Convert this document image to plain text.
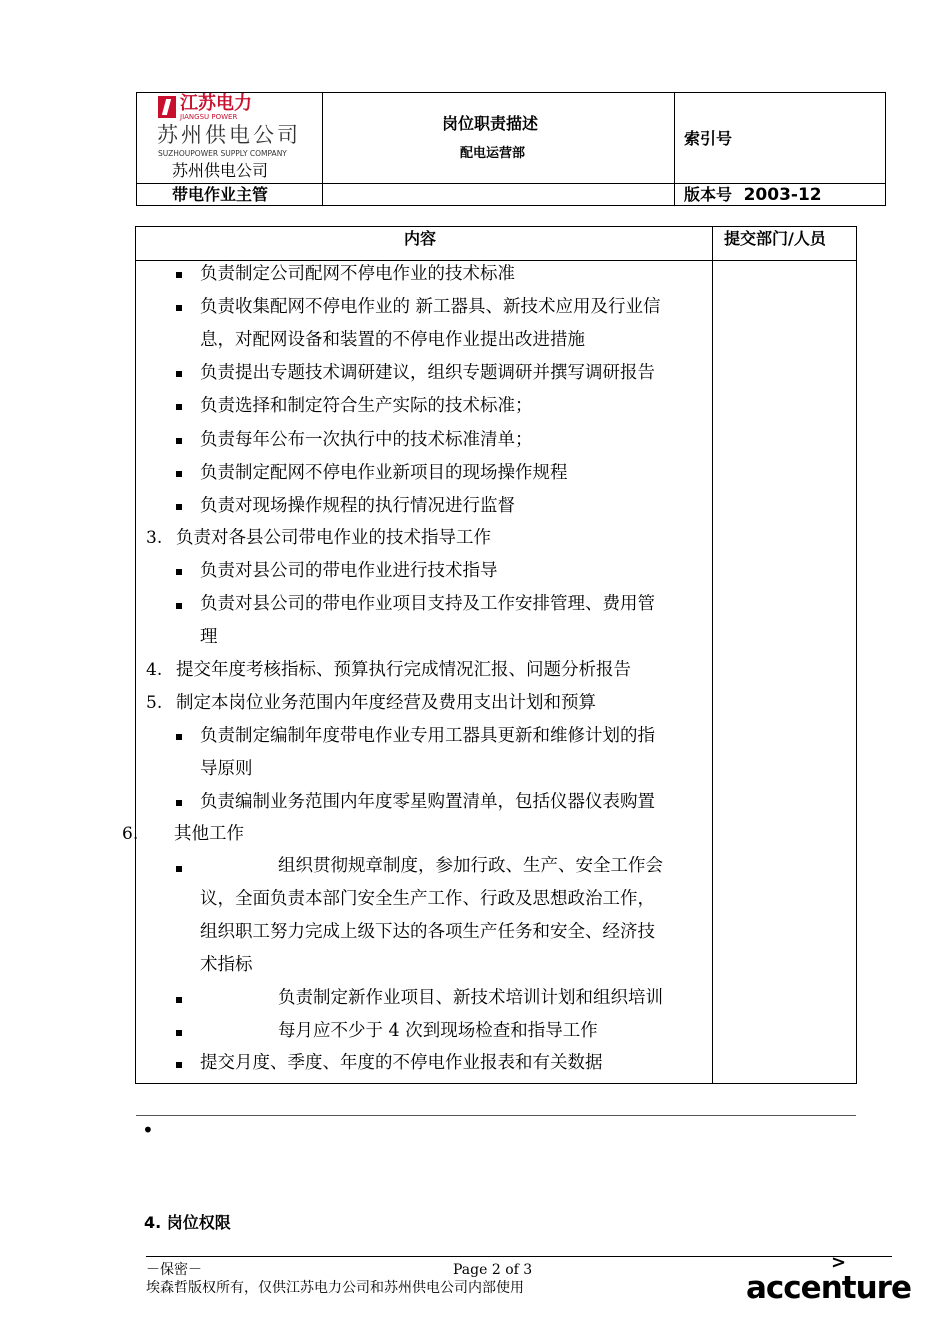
江苏电力
JIANGSU POWER
苏州供电公司
SUZHOUPOWER SUPPLY COMPANY
苏州供电公司
岗位职责描述
配电运营部
索引号
带电作业主管	版本号 2003-12
内容	提交部门/人员
负责制定公司配网不停电作业的技术标准
负责收集配网不停电作业的 新工器具、新技术应用及行业信
息，对配网设备和装置的不停电作业提出改进措施
负责提出专题技术调研建议，组织专题调研并撰写调研报告
负责选择和制定符合生产实际的技术标准；
负责每年公布一次执行中的技术标准清单；
负责制定配网不停电作业新项目的现场操作规程
负责对现场操作规程的执行情况进行监督
3. 负责对各县公司带电作业的技术指导工作
负责对县公司的带电作业进行技术指导
负责对县公司的带电作业项目支持及工作安排管理、费用管
理
4. 提交年度考核指标、预算执行完成情况汇报、问题分析报告
5. 制定本岗位业务范围内年度经营及费用支出计划和预算
负责制定编制年度带电作业专用工器具更新和维修计划的指
导原则
负责编制业务范围内年度零星购置清单，包括仪器仪表购置
6. 其他工作
组织贯彻规章制度，参加行政、生产、安全工作会
议，全面负责本部门安全生产工作、行政及思想政治工作，
组织职工努力完成上级下达的各项生产任务和安全、经济技
术指标
负责制定新作业项目、新技术培训计划和组织培训
每月应不少于 4 次到现场检查和指导工作
提交月度、季度、年度的不停电作业报表和有关数据
•
4. 岗位权限
－保密－	Page 2 of 3
埃森哲版权所有，仅供江苏电力公司和苏州供电公司内部使用
>
accenture
